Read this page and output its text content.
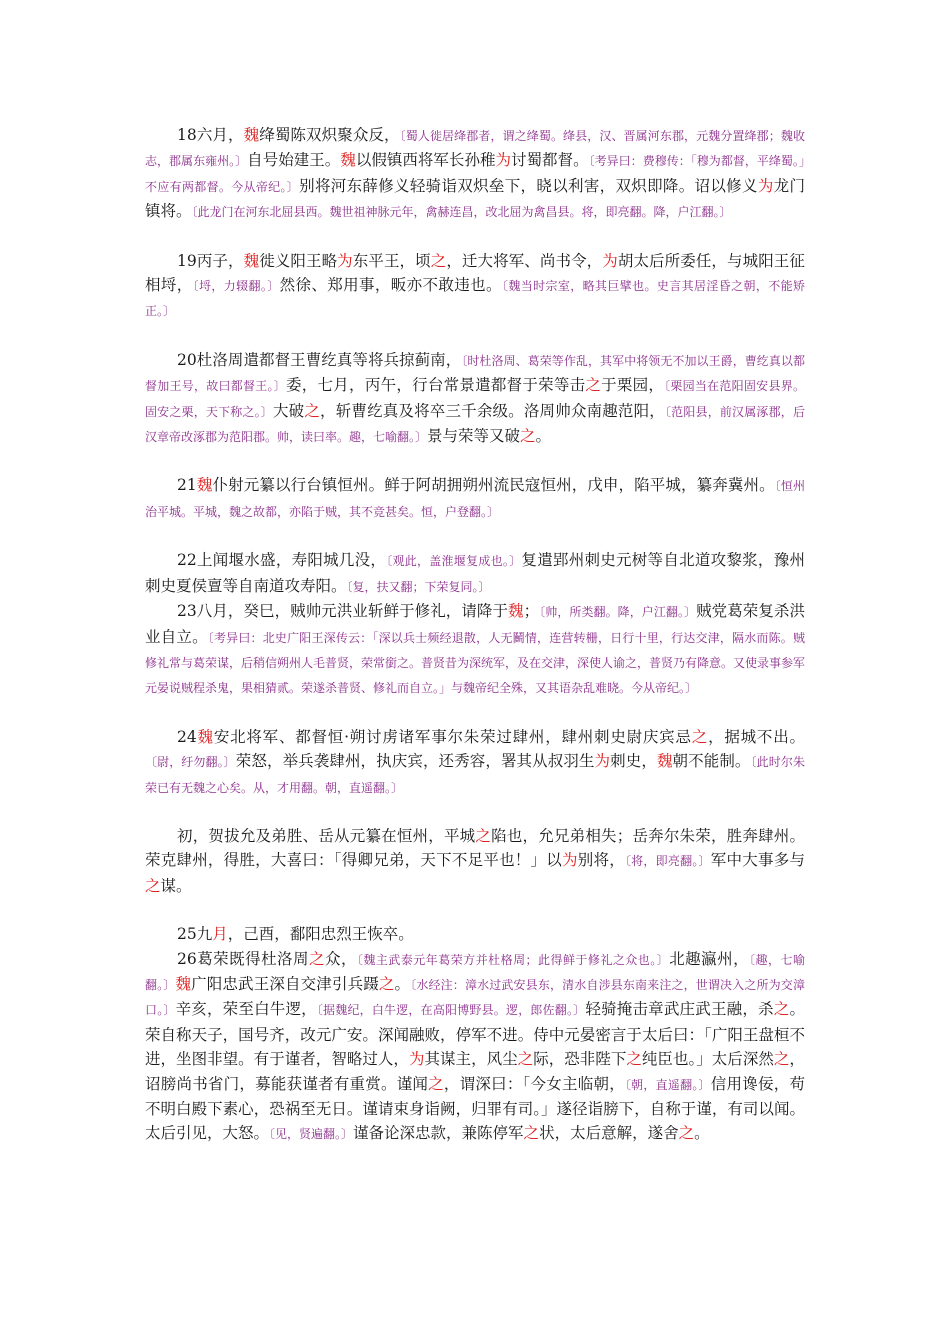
18六月，魏绛蜀陈双炽聚众反，〔蜀人徙居绛郡者，谓之绛蜀。绛县，汉、晋属河东郡，元魏分置绛郡；魏收志，郡属东雍州。〕自号始建王。魏以假镇西将军长孙稚为讨蜀都督。〔考异曰：费穆传：「穆为都督，平绛蜀。」不应有两都督。今从帝纪。〕别将河东薛修义轻骑诣双炽垒下，晓以利害，双炽即降。诏以修义为龙门镇将。〔此龙门在河东北屈县西。魏世祖神脉元年，禽赫连昌，改北屈为禽昌县。将，即亮翻。降，户江翻。〕

19丙子，魏徙义阳王略为东平王，顷之，迁大将军、尚书令，为胡太后所委任，与城阳王征相埒，〔埒，力辍翻。〕然徐、郑用事，畈亦不敢违也。〔魏当时宗室，略其巨擘也。史言其居淫昏之朝，不能矫正。〕

20杜洛周遣都督王曹纥真等将兵掠蓟南，〔时杜洛周、葛荣等作乱，其军中将领无不加以王爵，曹纥真以都督加王号，故曰都督王。〕委，七月，丙午，行台常景遣都督于荣等击之于栗园，〔栗园当在范阳固安县界。固安之栗，天下称之。〕大破之，斩曹纥真及将卒三千余级。洛周帅众南趣范阳，〔范阳县，前汉属涿郡，后汉章帝改涿郡为范阳郡。帅，读曰率。趣，七喻翻。〕景与荣等又破之。

21魏仆射元纂以行台镇恒州。鲜于阿胡拥朔州流民寇恒州，戊申，陷平城，纂奔冀州。〔恒州治平城。平城，魏之故都，亦陷于贼，其不竞甚矣。恒，户登翻。〕

22上闻堰水盛，寿阳城几没，〔观此，盖淮堰复成也。〕复遣郢州刺史元树等自北道攻黎浆，豫州刺史夏侯亶等自南道攻寿阳。〔复，扶又翻；下荣复同。〕

23八月，癸巳，贼帅元洪业斩鲜于修礼，请降于魏；〔帅，所类翻。降，户江翻。〕贼党葛荣复杀洪业自立。〔考异曰：北史广阳王深传云：「深以兵士频经退散，人无鬭情，连营转栅，日行十里，行达交津，隔水而陈。贼修礼常与葛荣谋，后稍信朔州人毛普贤，荣常銜之。普贤昔为深统军，及在交津，深使人谕之，普贤乃有降意。又使录事参军元晏说贼程杀鬼，果相猜贰。荣遂杀普贤、修礼而自立。」与魏帝纪全殊，又其语杂乱难晓。今从帝纪。〕

24魏安北将军、都督恒·朔讨虏诸军事尔朱荣过肆州，肆州刺史尉庆宾忌之，据城不出。〔尉，纡勿翻。〕荣怒，举兵袭肆州，执庆宾，还秀容，署其从叔羽生为刺史，魏朝不能制。〔此时尔朱荣已有无魏之心矣。从，才用翻。朝，直遥翻。〕

初，贺拔允及弟胜、岳从元纂在恒州，平城之陷也，允兄弟相失；岳奔尔朱荣，胜奔肆州。荣克肆州，得胜，大喜曰：「得卿兄弟，天下不足平也！」以为别将，〔将，即亮翻。〕军中大事多与之谋。

25九月，己酉，鄱阳忠烈王恢卒。

26葛荣既得杜洛周之众，〔魏主武泰元年葛荣方并杜格周；此得鲜于修礼之众也。〕北趣瀛州，〔趣，七喻翻。〕魏广阳忠武王深自交津引兵蹑之。〔水经注：漳水过武安县东，清水自涉县东南来注之，世谓决入之所为交漳口。〕辛亥，荣至白牛逻，〔据魏纪，白牛逻，在高阳博野县。逻，郎佐翻。〕轻骑掩击章武庄武王融，杀之。荣自称天子，国号齐，改元广安。深闻融败，停军不进。侍中元晏密言于太后曰：「广阳王盘桓不进，坐图非望。有于谨者，智略过人，为其谋主，风尘之际，恐非陛下之纯臣也。」太后深然之，诏膀尚书省门，募能获谨者有重赏。谨闻之，谓深曰：「今女主临朝，〔朝，直遥翻。〕信用谗佞，苟不明白殿下素心，恐祸至无日。谨请束身诣阙，归罪有司。」遂径诣膀下，自称于谨，有司以闻。太后引见，大怒。〔见，贤遍翻。〕谨备论深忠款，兼陈停军之状，太后意解，遂舍之。
